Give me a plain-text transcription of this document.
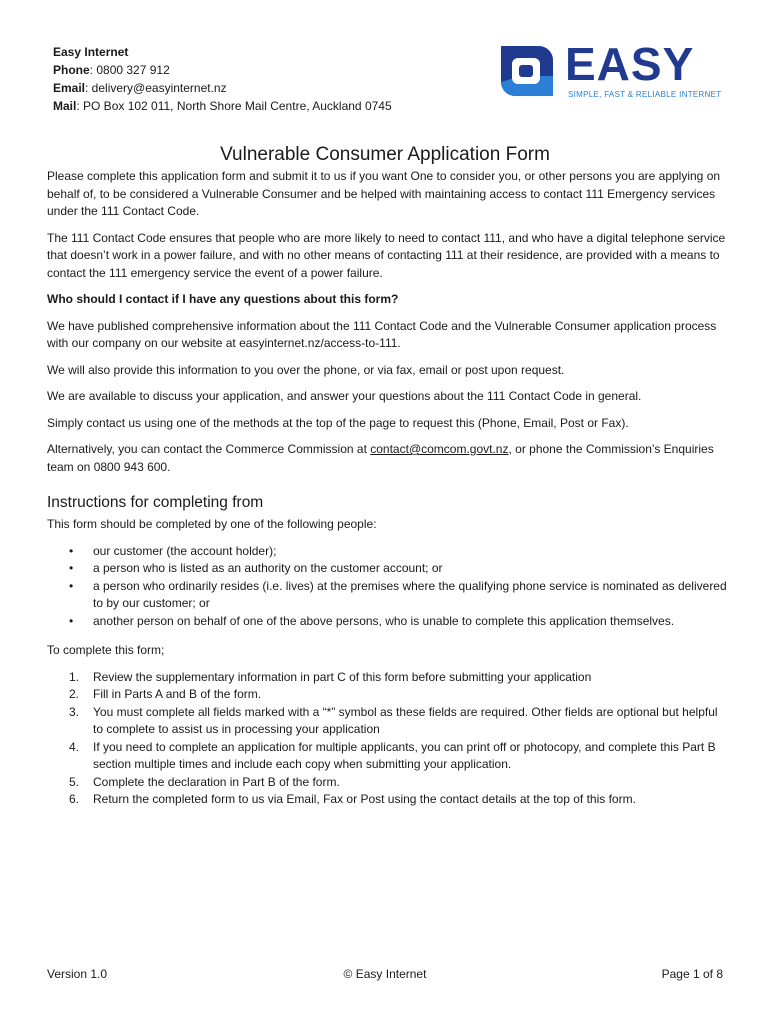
Easy Internet
Phone: 0800 327 912
Email: delivery@easyinternet.nz
Mail: PO Box 102 011, North Shore Mail Centre, Auckland 0745
EASY
SIMPLE, FAST & RELIABLE INTERNET
Vulnerable Consumer Application Form

Please complete this application form and submit it to us if you want One to consider you, or other persons you are applying on behalf of, to be considered a Vulnerable Consumer and be helped with maintaining access to contact 111 Emergency services under the 111 Contact Code.

The 111 Contact Code ensures that people who are more likely to need to contact 111, and who have a digital telephone service that doesn’t work in a power failure, and with no other means of contacting 111 at their residence, are provided with a means to contact the 111 emergency service the event of a power failure.

Who should I contact if I have any questions about this form?

We have published comprehensive information about the 111 Contact Code and the Vulnerable Consumer application process with our company on our website at easyinternet.nz/access-to-111.

We will also provide this information to you over the phone, or via fax, email or post upon request.

We are available to discuss your application, and answer your questions about the 111 Contact Code in general.

Simply contact us using one of the methods at the top of the page to request this (Phone, Email, Post or Fax).

Alternatively, you can contact the Commerce Commission at contact@comcom.govt.nz, or phone the Commission’s Enquiries team on 0800 943 600.

Instructions for completing from
This form should be completed by one of the following people:
• our customer (the account holder);
• a person who is listed as an authority on the customer account; or
• a person who ordinarily resides (i.e. lives) at the premises where the qualifying phone service is nominated as delivered to by our customer; or
• another person on behalf of one of the above persons, who is unable to complete this application themselves.
To complete this form;
1. Review the supplementary information in part C of this form before submitting your application
2. Fill in Parts A and B of the form.
3. You must complete all fields marked with a “*” symbol as these fields are required. Other fields are optional but helpful to complete to assist us in processing your application
4. If you need to complete an application for multiple applicants, you can print off or photocopy, and complete this Part B section multiple times and include each copy when submitting your application.
5. Complete the declaration in Part B of the form.
6. Return the completed form to us via Email, Fax or Post using the contact details at the top of this form.
Version 1.0	© Easy Internet	Page 1 of 8
